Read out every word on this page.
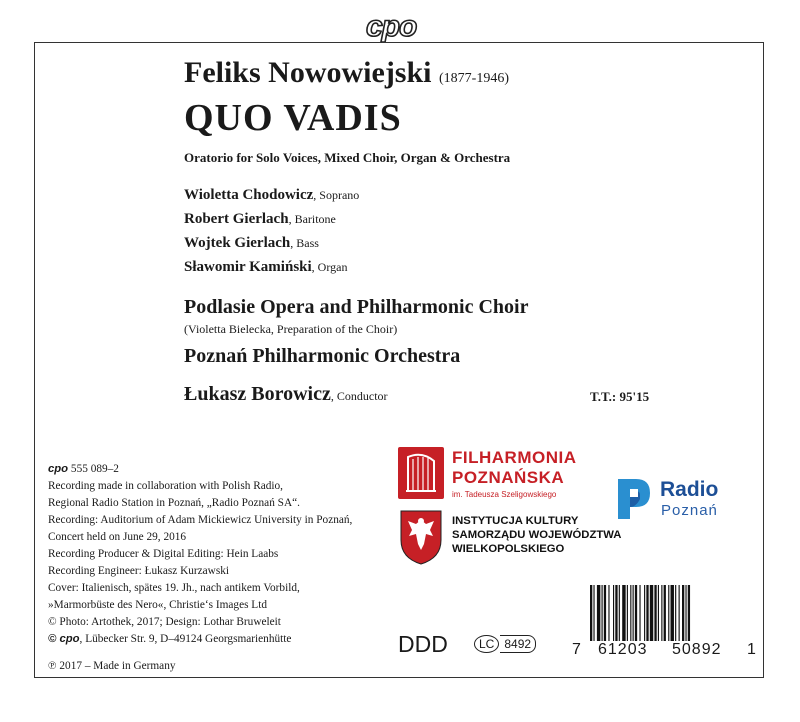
cpo
Feliks Nowowiejski (1877-1946)
QUO VADIS
Oratorio for Solo Voices, Mixed Choir, Organ & Orchestra
Wioletta Chodowicz, Soprano
Robert Gierlach, Baritone
Wojtek Gierlach, Bass
Sławomir Kamiński, Organ
Podlasie Opera and Philharmonic Choir
(Violetta Bielecka, Preparation of the Choir)
Poznań Philharmonic Orchestra
Łukasz Borowicz, Conductor	T.T.: 95'15
cpo 555 089–2
Recording made in collaboration with Polish Radio,
Regional Radio Station in Poznań, „Radio Poznań SA“.
Recording: Auditorium of Adam Mickiewicz University in Poznań,
Concert held on June 29, 2016
Recording Producer & Digital Editing: Hein Laabs
Recording Engineer: Łukasz Kurzawski
Cover: Italienisch, spätes 19. Jh., nach antikem Vorbild,
»Marmorbüste des Nero«, Christie‘s Images Ltd
© Photo: Artothek, 2017; Design: Lothar Bruweleit
© cpo, Lübecker Str. 9, D–49124 Georgsmarienhütte
℗ 2017 – Made in Germany
FILHARMONIA
POZNAŃSKA
im. Tadeusza Szeligowskiego
INSTYTUCJA KULTURY
SAMORZĄDU WOJEWÓDZTWA
WIELKOPOLSKIEGO
Radio
Poznań
DDD	LC 8492	7 61203 50892 1
